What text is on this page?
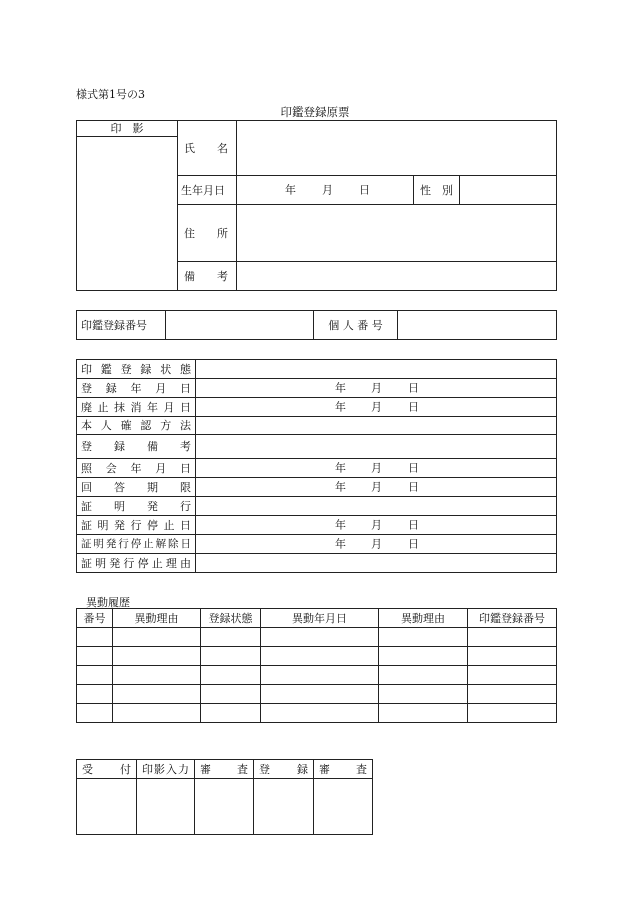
様式第1号の3
印鑑登録原票
印　影	氏　　名			

	生年月日	年 月 日	性　別	
	住　　所			
	備　　考			
印鑑登録番号		個 人 番 号	
印鑑登録状態	

登録年月日	年 月 日

廃止抹消年月日	年 月 日

本人確認方法	

登録備考	

照会年月日	年 月 日

回答期限	年 月 日

証明発行	

証明発行停止日	年 月 日

証明発行停止解除日	年 月 日

証明発行停止理由	
異動履歴
番号	異動理由	登録状態	異動年月日	異動理由	印鑑登録番号

受　　付	印影入力	審　　査	登　　録	審　　査
